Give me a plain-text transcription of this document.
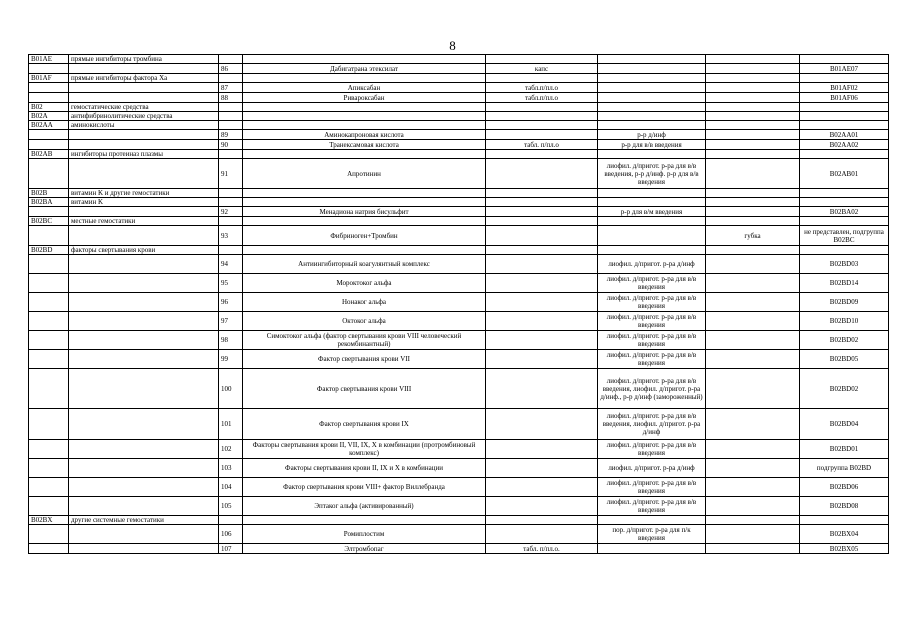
8
B01AE	прямые ингибиторы тромбина						
		86	Дабигатрана этексилат	капс			B01AE07
B01AF	прямые ингибиторы фактора Xa						
		87	Апиксабан	табл.п/пл.о			B01AF02
		88	Ривароксабан	табл.п/пл.о			B01AF06
B02	гемостатические средства						
B02A	антифибринолитические средства						
B02AA	аминокислоты						
		89	Аминокапроновая кислота		р-р д/инф		B02AA01
		90	Транексамовая кислота	табл. п/пл.о	р-р для в/в введения		B02AA02
B02AB	ингибиторы протеиназ плазмы						
		91	Апротинин		лиофил. д/пригот. р-ра для в/в введения, р-р д/инф. р-р для в/в введения		B02AB01
B02B	витамин K и другие гемостатики						
B02BA	витамин K						
		92	Менадиона натрия бисульфит		р-р для в/м введения		B02BA02
B02BC	местные гемостатики						
		93	Фибриноген+Тромбин			губка	не представлен, подгруппа B02BC
B02BD	факторы свертывания крови						
		94	Антиингибиторный коагулянтный комплекс		лиофил. д/пригот. р-ра д/инф		B02BD03
		95	Мороктоког альфа		лиофил. д/пригот. р-ра для в/в введения		B02BD14
		96	Нонаког альфа		лиофил. д/пригот. р-ра для в/в введения		B02BD09
		97	Октоког альфа		лиофил. д/пригот. р-ра для в/в введения		B02BD10
		98	Симоктоког альфа (фактор свертывания крови VIII человеческий рекомбинантный)		лиофил. д/пригот. р-ра для в/в введения		B02BD02
		99	Фактор свертывания крови VII		лиофил. д/пригот. р-ра для в/в введения		B02BD05
		100	Фактор свертывания крови VIII		лиофил. д/пригот. р-ра для в/в введения, лиофил. д/пригот. р-ра д/инф., р-р д/инф (замороженный)		B02BD02
		101	Фактор свертывания крови IX		лиофил. д/пригот. р-ра для в/в введения, лиофил. д/пригот. р-ра д/инф		B02BD04
		102	Факторы свертывания крови II, VII, IX, X в комбинации (протромбиновый комплекс)		лиофил. д/пригот. р-ра для в/в введения		B02BD01
		103	Факторы свертывания крови II, IX и X в комбинации		лиофил. д/пригот. р-ра д/инф		подгруппа B02BD
		104	Фактор свертывания крови VIII+ фактор Виллебранда		лиофил. д/пригот. р-ра для в/в введения		B02BD06
		105	Эптаког альфа (активированный)		лиофил. д/пригот. р-ра для в/в введения		B02BD08
B02BX	другие системные гемостатики						
		106	Ромиплостим		пор. д/пригот. р-ра для п/к введения		B02BX04
		107	Элтромбопаг	табл. п/пл.о.			B02BX05
